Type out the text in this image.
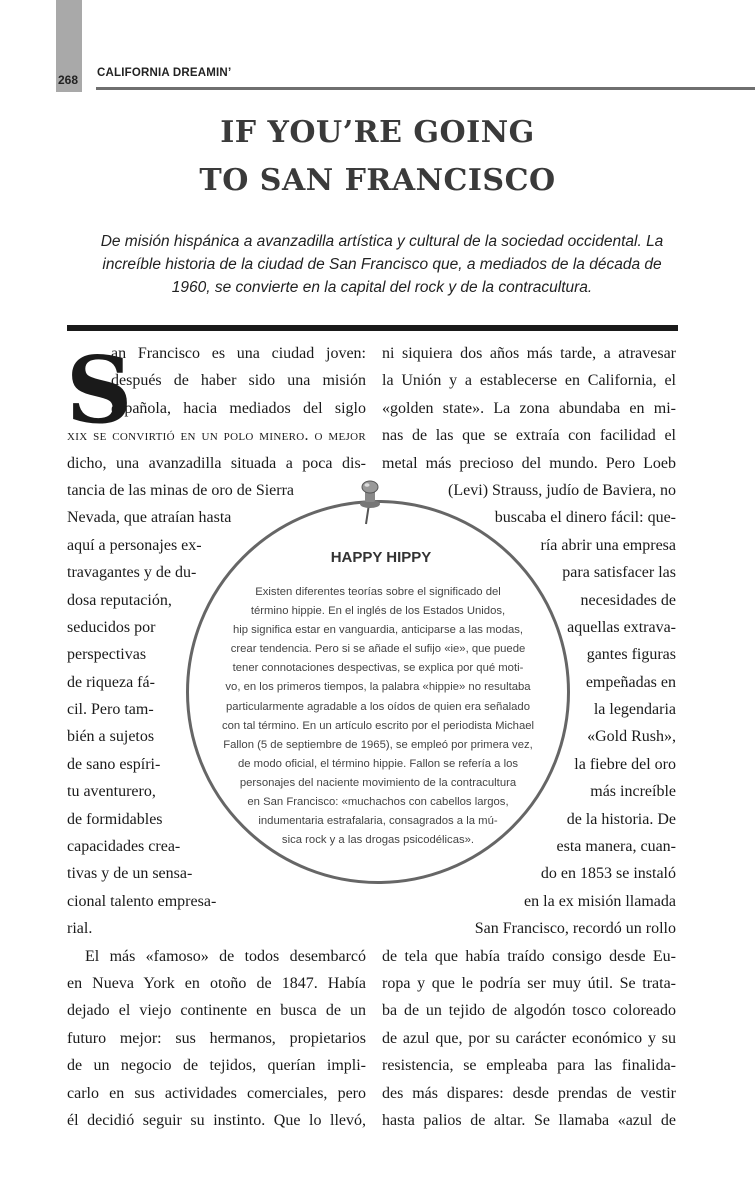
268 CALIFORNIA DREAMIN’
IF YOU’RE GOING
TO SAN FRANCISCO

De misión hispánica a avanzadilla artística y cultural de la sociedad occidental. La
increíble historia de la ciudad de San Francisco que, a mediados de la década de
1960, se convierte en la capital del rock y de la contracultura.

S
an Francisco es una ciudad joven:
después de haber sido una misión
española, hacia mediados del siglo
xix se convirtió en un polo minero. o mejor
dicho, una avanzadilla situada a poca dis-
tancia de las minas de oro de Sierra
Nevada, que atraían hasta
aquí a personajes ex-
travagantes y de du-
dosa reputación,
seducidos por
perspectivas
de riqueza fá-
cil. Pero tam-
bién a sujetos
de sano espíri-
tu aventurero,
de formidables
capacidades crea-
tivas y de un sensa-
cional talento empresa-
rial.
El más «famoso» de todos desembarcó
en Nueva York en otoño de 1847. Había
dejado el viejo continente en busca de un
futuro mejor: sus hermanos, propietarios
de un negocio de tejidos, querían impli-
carlo en sus actividades comerciales, pero
él decidió seguir su instinto. Que lo llevó,
ni siquiera dos años más tarde, a atravesar
la Unión y a establecerse en California, el
«golden state». La zona abundaba en mi-
nas de las que se extraía con facilidad el
metal más precioso del mundo. Pero Loeb
(Levi) Strauss, judío de Baviera, no
buscaba el dinero fácil: que-
ría abrir una empresa
para satisfacer las
necesidades de
aquellas extrava-
gantes figuras
empeñadas en
la legendaria
«Gold Rush»,
la fiebre del oro
más increíble
de la historia. De
esta manera, cuan-
do en 1853 se instaló
en la ex misión llamada
San Francisco, recordó un rollo
de tela que había traído consigo desde Eu-
ropa y que le podría ser muy útil. Se trata-
ba de un tejido de algodón tosco coloreado
de azul que, por su carácter económico y su
resistencia, se empleaba para las finalida-
des más dispares: desde prendas de vestir
hasta palios de altar. Se llamaba «azul de
HAPPY HIPPY
Existen diferentes teorías sobre el significado del
término hippie. En el inglés de los Estados Unidos,
hip significa estar en vanguardia, anticiparse a las modas,
crear tendencia. Pero si se añade el sufijo «ie», que puede
tener connotaciones despectivas, se explica por qué moti-
vo, en los primeros tiempos, la palabra «hippie» no resultaba
particularmente agradable a los oídos de quien era señalado
con tal término. En un artículo escrito por el periodista Michael
Fallon (5 de septiembre de 1965), se empleó por primera vez,
de modo oficial, el término hippie. Fallon se refería a los
personajes del naciente movimiento de la contracultura
en San Francisco: «muchachos con cabellos largos,
indumentaria estrafalaria, consagrados a la mú-
sica rock y a las drogas psicodélicas».
